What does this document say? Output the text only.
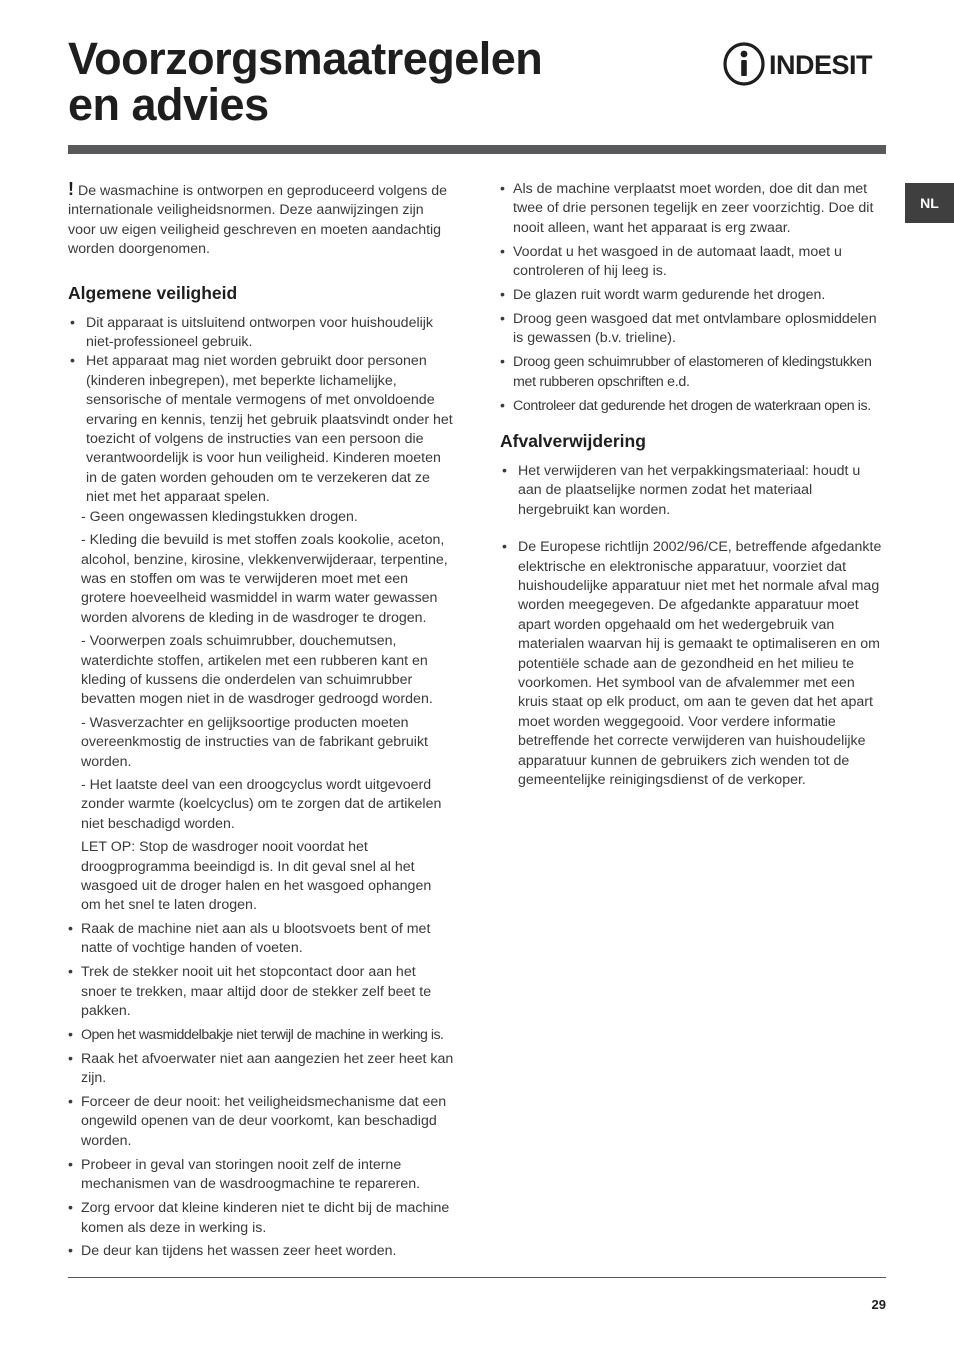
Voorzorgsmaatregelen
en advies
INDESIT
NL

! De wasmachine is ontworpen en geproduceerd volgens de internationale veiligheidsnormen. Deze aanwijzingen zijn voor uw eigen veiligheid geschreven en moeten aandachtig worden doorgenomen.

Algemene veiligheid
• Dit apparaat is uitsluitend ontworpen voor huishoudelijk niet-professioneel gebruik.
• Het apparaat mag niet worden gebruikt door personen (kinderen inbegrepen), met beperkte lichamelijke, sensorische of mentale vermogens of met onvoldoende ervaring en kennis, tenzij het gebruik plaatsvindt onder het toezicht of volgens de instructies van een persoon die verantwoordelijk is voor hun veiligheid. Kinderen moeten in de gaten worden gehouden om te verzekeren dat ze niet met het apparaat spelen.

- Geen ongewassen kledingstukken drogen.

- Kleding die bevuild is met stoffen zoals kookolie, aceton, alcohol, benzine, kirosine, vlekkenverwijderaar, terpentine, was en stoffen om was te verwijderen moet met een grotere hoeveelheid wasmiddel in warm water gewassen worden alvorens de kleding in de wasdroger te drogen.

- Voorwerpen zoals schuimrubber, douchemutsen, waterdichte stoffen, artikelen met een rubberen kant en kleding of kussens die onderdelen van schuimrubber bevatten mogen niet in de wasdroger gedroogd worden.

- Wasverzachter en gelijksoortige producten moeten overeenkmostig de instructies van de fabrikant gebruikt worden.

- Het laatste deel van een droogcyclus wordt uitgevoerd zonder warmte (koelcyclus) om te zorgen dat de artikelen niet beschadigd worden.

LET OP: Stop de wasdroger nooit voordat het droogprogramma beeindigd is. In dit geval snel al het wasgoed uit de droger halen en het wasgoed ophangen om het snel te laten drogen.

• Raak de machine niet aan als u blootsvoets bent of met natte of vochtige handen of voeten.
• Trek de stekker nooit uit het stopcontact door aan het snoer te trekken, maar altijd door de stekker zelf beet te pakken.
• Open het wasmiddelbakje niet terwijl de machine in werking is.
• Raak het afvoerwater niet aan aangezien het zeer heet kan zijn.
• Forceer de deur nooit: het veiligheidsmechanisme dat een ongewild openen van de deur voorkomt, kan beschadigd worden.
• Probeer in geval van storingen nooit zelf de interne mechanismen van de wasdroogmachine te repareren.
• Zorg ervoor dat kleine kinderen niet te dicht bij de machine komen als deze in werking is.
• De deur kan tijdens het wassen zeer heet worden.
• Als de machine verplaatst moet worden, doe dit dan met twee of drie personen tegelijk en zeer voorzichtig. Doe dit nooit alleen, want het apparaat is erg zwaar.
• Voordat u het wasgoed in de automaat laadt, moet u controleren of hij leeg is.
• De glazen ruit wordt warm gedurende het drogen.
• Droog geen wasgoed dat met ontvlambare oplosmiddelen is gewassen (b.v. trieline).
• Droog geen schuimrubber of elastomeren of kledingstukken met rubberen opschriften e.d.
• Controleer dat gedurende het drogen de waterkraan open is.
Afvalverwijdering
• Het verwijderen van het verpakkingsmateriaal: houdt u aan de plaatselijke normen zodat het materiaal hergebruikt kan worden.
• De Europese richtlijn 2002/96/CE, betreffende afgedankte elektrische en elektronische apparatuur, voorziet dat huishoudelijke apparatuur niet met het normale afval mag worden meegegeven. De afgedankte apparatuur moet apart worden opgehaald om het wedergebruik van materialen waarvan hij is gemaakt te optimaliseren en om potentiële schade aan de gezondheid en het milieu te voorkomen. Het symbool van de afvalemmer met een kruis staat op elk product, om aan te geven dat het apart moet worden weggegooid. Voor verdere informatie betreffende het correcte verwijderen van huishoudelijke apparatuur kunnen de gebruikers zich wenden tot de gemeentelijke reinigingsdienst of de verkoper.
29
